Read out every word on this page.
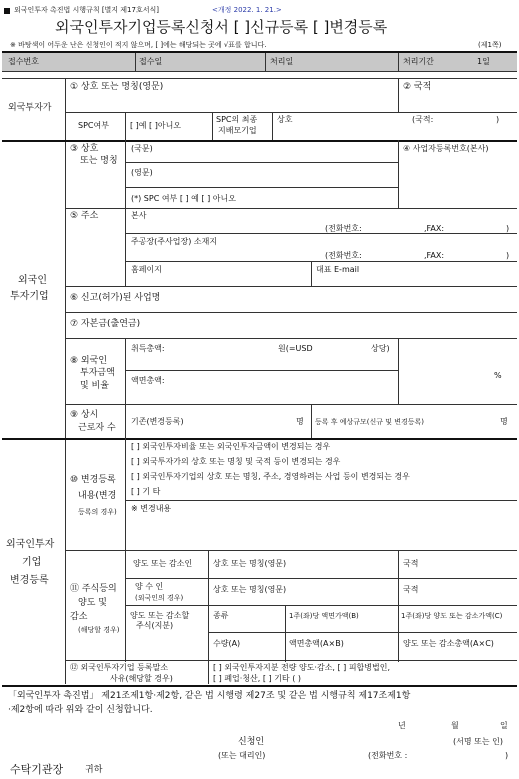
외국인투자 촉진법 시행규칙 [별지 제17호서식]	<개정 2022. 1. 21.>
외국인투자기업등록신청서 [ ]신규등록 [ ]변경등록
※ 바탕색이 어두운 난은 신청인이 적지 않으며, [ ]에는 해당되는 곳에 √표를 합니다.	(제1쪽)
접수번호	접수일	처리일	처리기간	1일
외국투자가
① 상호 또는 명칭(영문)	② 국적
SPC여부	[ ]예 [ ]아니오
SPC의 최종
지배모기업
상호	(국적:	)
외국인
투자기업
③ 상호
또는 명칭
(국문)
(영문)
(*) SPC 여부 [ ] 예 [ ] 아니오
④ 사업자등록번호(본사)
⑤ 주소	본사
(전화번호:	,FAX:	)
주공장(주사업장) 소재지
(전화번호:	,FAX:	)
홈페이지	대표 E-mail
⑥ 신고(허가)된 사업명
⑦ 자본금(출연금)
⑧ 외국인
투자금액
및 비율
취득총액:	원(=USD	상당)
액면총액:
%
⑨ 상시
근로자 수
기존(변경등록)	명 등록 후 예상규모(신규 및 변경등록)	명
외국인투자
기업
변경등록
⑩ 변경등록
내용(변경
등록의 경우)
[ ] 외국인투자비율 또는 외국인투자금액이 변경되는 경우
[ ] 외국투자가의 상호 또는 명칭 및 국적 등이 변경되는 경우
[ ] 외국인투자기업의 상호 또는 명칭, 주소, 경영하려는 사업 등이 변경되는 경우
[ ] 기 타
※ 변경내용
⑪ 주식등의
양도 및
감소
(해당할 경우)
양도 또는 감소인	상호 또는 명칭(영문)	국적
양 수 인
(외국인의 경우)
상호 또는 명칭(영문)	국적
양도 또는 감소할
주식(지분)
종류	1주(좌)당 액면가액(B)	1주(좌)당 양도 또는 감소가액(C)
수량(A)	액면총액(A×B)	양도 또는 감소총액(A×C)
⑫ 외국인투자기업 등록말소
사유(해당할 경우)
[ ] 외국인투자지분 전량 양도·감소, [ ] 피합병법인,
[ ] 폐업·청산, [ ] 기타 ( )
「외국인투자 촉진법」 제21조제1항·제2항, 같은 법 시행령 제27조 및 같은 법 시행규칙 제17조제1항
·제2항에 따라 위와 같이 신청합니다.
년	월	일
신청인	(서명 또는 인)
(또는 대리인)	(전화번호 :	)
수탁기관장 귀하
